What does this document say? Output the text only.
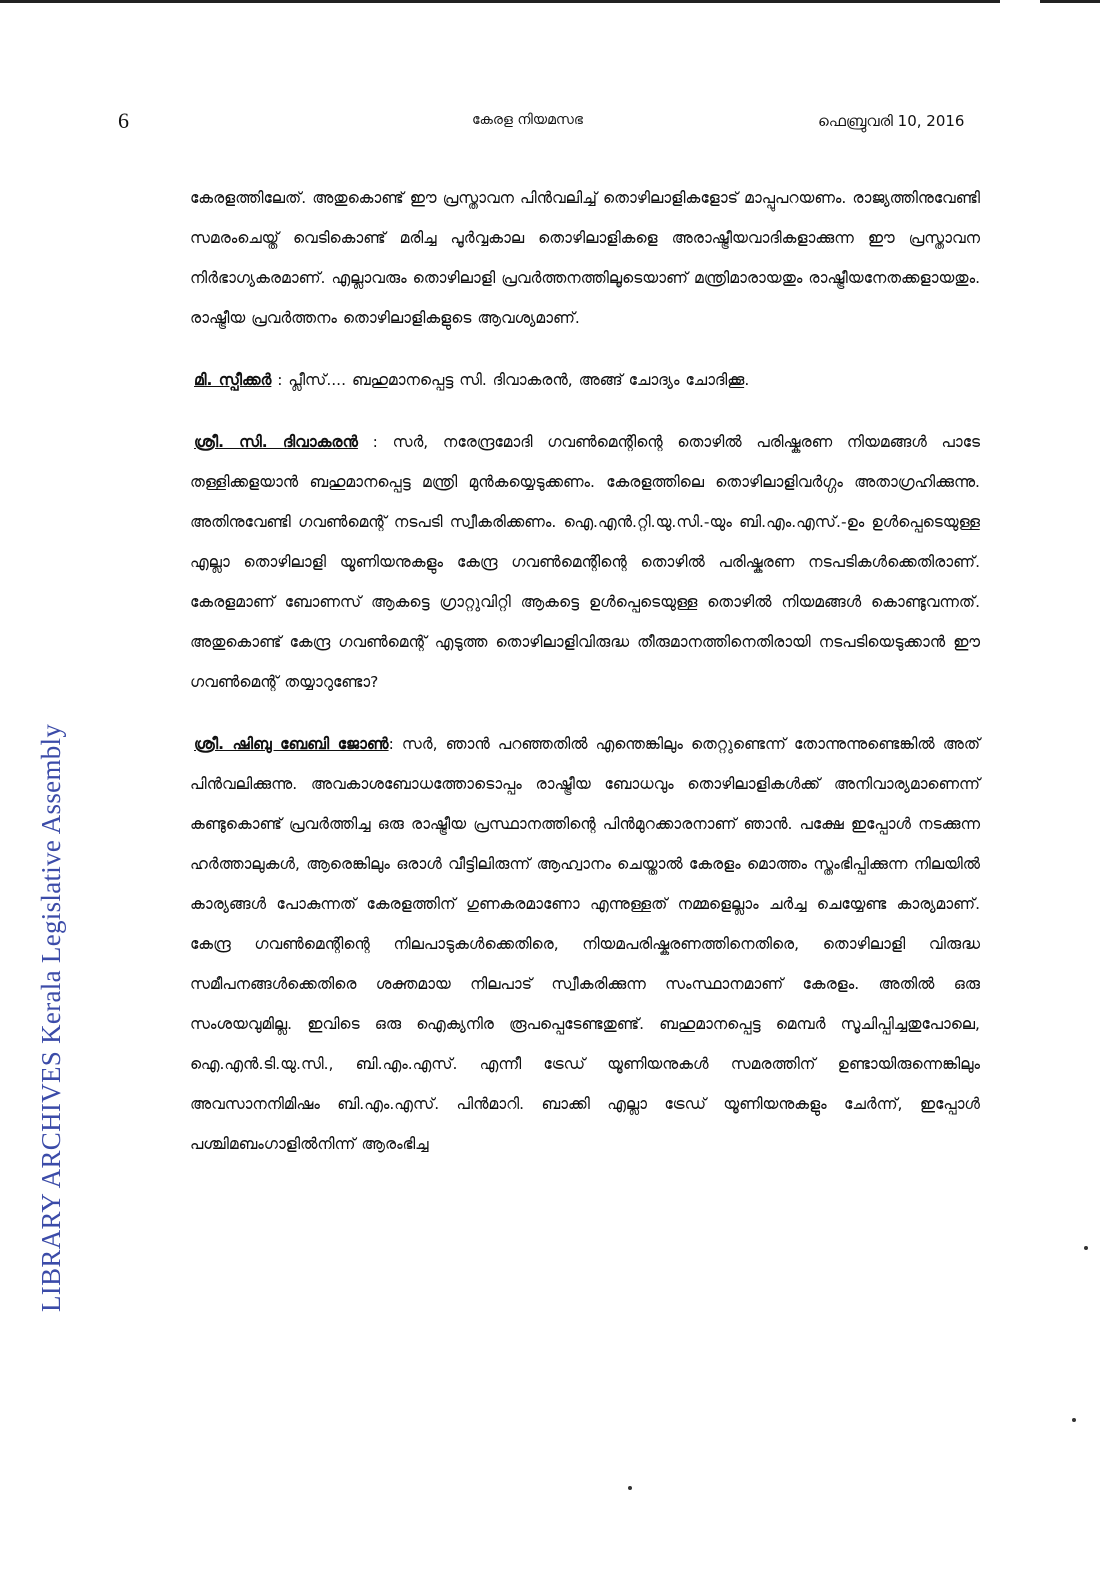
LIBRARY ARCHIVES Kerala Legislative Assembly
6	കേരള നിയമസഭ	ഫെബ്രുവരി 10, 2016

കേരളത്തിലേത്. അതുകൊണ്ട് ഈ പ്രസ്താവന പിൻവലിച്ച് തൊഴിലാളികളോട് മാപ്പുപറയണം. രാജ്യത്തിനുവേണ്ടി സമരംചെയ്ത് വെടികൊണ്ട് മരിച്ച പൂർവ്വകാല തൊഴിലാളികളെ അരാഷ്ട്രീയവാദികളാക്കുന്ന ഈ പ്രസ്താവന നിർഭാഗ്യകരമാണ്. എല്ലാവരും തൊഴിലാളി പ്രവർത്തനത്തിലൂടെയാണ് മന്ത്രിമാരായതും രാഷ്ട്രീയനേതക്കളായതും. രാഷ്ട്രീയ പ്രവർത്തനം തൊഴിലാളികളുടെ ആവശ്യമാണ്.

മി. സ്പീക്കർ : പ്ലീസ്.... ബഹുമാനപ്പെട്ട സി. ദിവാകരൻ, അങ്ങ് ചോദ്യം ചോദിക്കൂ.

ശ്രീ. സി. ദിവാകരൻ : സർ, നരേന്ദ്രമോദി ഗവൺമെന്റിന്റെ തൊഴിൽ പരിഷ്കരണ നിയമങ്ങൾ പാടേ തള്ളിക്കളയാൻ ബഹുമാനപ്പെട്ട മന്ത്രി മുൻകയ്യെടുക്കണം. കേരളത്തിലെ തൊഴിലാളിവർഗ്ഗം അതാഗ്രഹിക്കുന്നു. അതിനുവേണ്ടി ഗവൺമെന്റ് നടപടി സ്വീകരിക്കണം. ഐ.എൻ.റ്റി.യു.സി.-യും ബി.എം.എസ്.-ഉം ഉൾപ്പെടെയുള്ള എല്ലാ തൊഴിലാളി യൂണിയനുകളും കേന്ദ്ര ഗവൺമെന്റിന്റെ തൊഴിൽ പരിഷ്കരണ നടപടികൾക്കെതിരാണ്. കേരളമാണ് ബോണസ് ആകട്ടെ ഗ്രാറ്റുവിറ്റി ആകട്ടെ ഉൾപ്പെടെയുള്ള തൊഴിൽ നിയമങ്ങൾ കൊണ്ടുവന്നത്. അതുകൊണ്ട് കേന്ദ്ര ഗവൺമെന്റ് എടുത്ത തൊഴിലാളിവിരുദ്ധ തീരുമാനത്തിനെതിരായി നടപടിയെടുക്കാൻ ഈ ഗവൺമെന്റ് തയ്യാറുണ്ടോ?

ശ്രീ. ഷിബു ബേബി ജോൺ: സർ, ഞാൻ പറഞ്ഞതിൽ എന്തെങ്കിലും തെറ്റുണ്ടെന്ന് തോന്നുന്നുണ്ടെങ്കിൽ അത് പിൻവലിക്കുന്നു. അവകാശബോധത്തോടൊപ്പം രാഷ്ട്രീയ ബോധവും തൊഴിലാളികൾക്ക് അനിവാര്യമാണെന്ന് കണ്ടുകൊണ്ട് പ്രവർത്തിച്ച ഒരു രാഷ്ട്രീയ പ്രസ്ഥാനത്തിന്റെ പിൻമുറക്കാരനാണ് ഞാൻ. പക്ഷേ ഇപ്പോൾ നടക്കുന്ന ഹർത്താലുകൾ, ആരെങ്കിലും ഒരാൾ വീട്ടിലിരുന്ന് ആഹ്വാനം ചെയ്താൽ കേരളം മൊത്തം സ്തംഭിപ്പിക്കുന്ന നിലയിൽ കാര്യങ്ങൾ പോകുന്നത് കേരളത്തിന് ഗുണകരമാണോ എന്നുള്ളത് നമ്മളെല്ലാം ചർച്ച ചെയ്യേണ്ട കാര്യമാണ്. കേന്ദ്ര ഗവൺമെന്റിന്റെ നിലപാടുകൾക്കെതിരെ, നിയമപരിഷ്കരണത്തിനെതിരെ, തൊഴിലാളി വിരുദ്ധ സമീപനങ്ങൾക്കെതിരെ ശക്തമായ നിലപാട് സ്വീകരിക്കുന്ന സംസ്ഥാനമാണ് കേരളം. അതിൽ ഒരു സംശയവുമില്ല. ഇവിടെ ഒരു ഐക്യനിര രൂപപ്പെടേണ്ടതുണ്ട്. ബഹുമാനപ്പെട്ട മെമ്പർ സൂചിപ്പിച്ചതുപോലെ, ഐ.എൻ.ടി.യു.സി., ബി.എം.എസ്. എന്നീ ട്രേഡ് യൂണിയനുകൾ സമരത്തിന് ഉണ്ടായിരുന്നെങ്കിലും അവസാനനിമിഷം ബി.എം.എസ്. പിൻമാറി. ബാക്കി എല്ലാ ട്രേഡ് യൂണിയനുകളും ചേർന്ന്, ഇപ്പോൾ പശ്ചിമബംഗാളിൽനിന്ന് ആരംഭിച്ച
